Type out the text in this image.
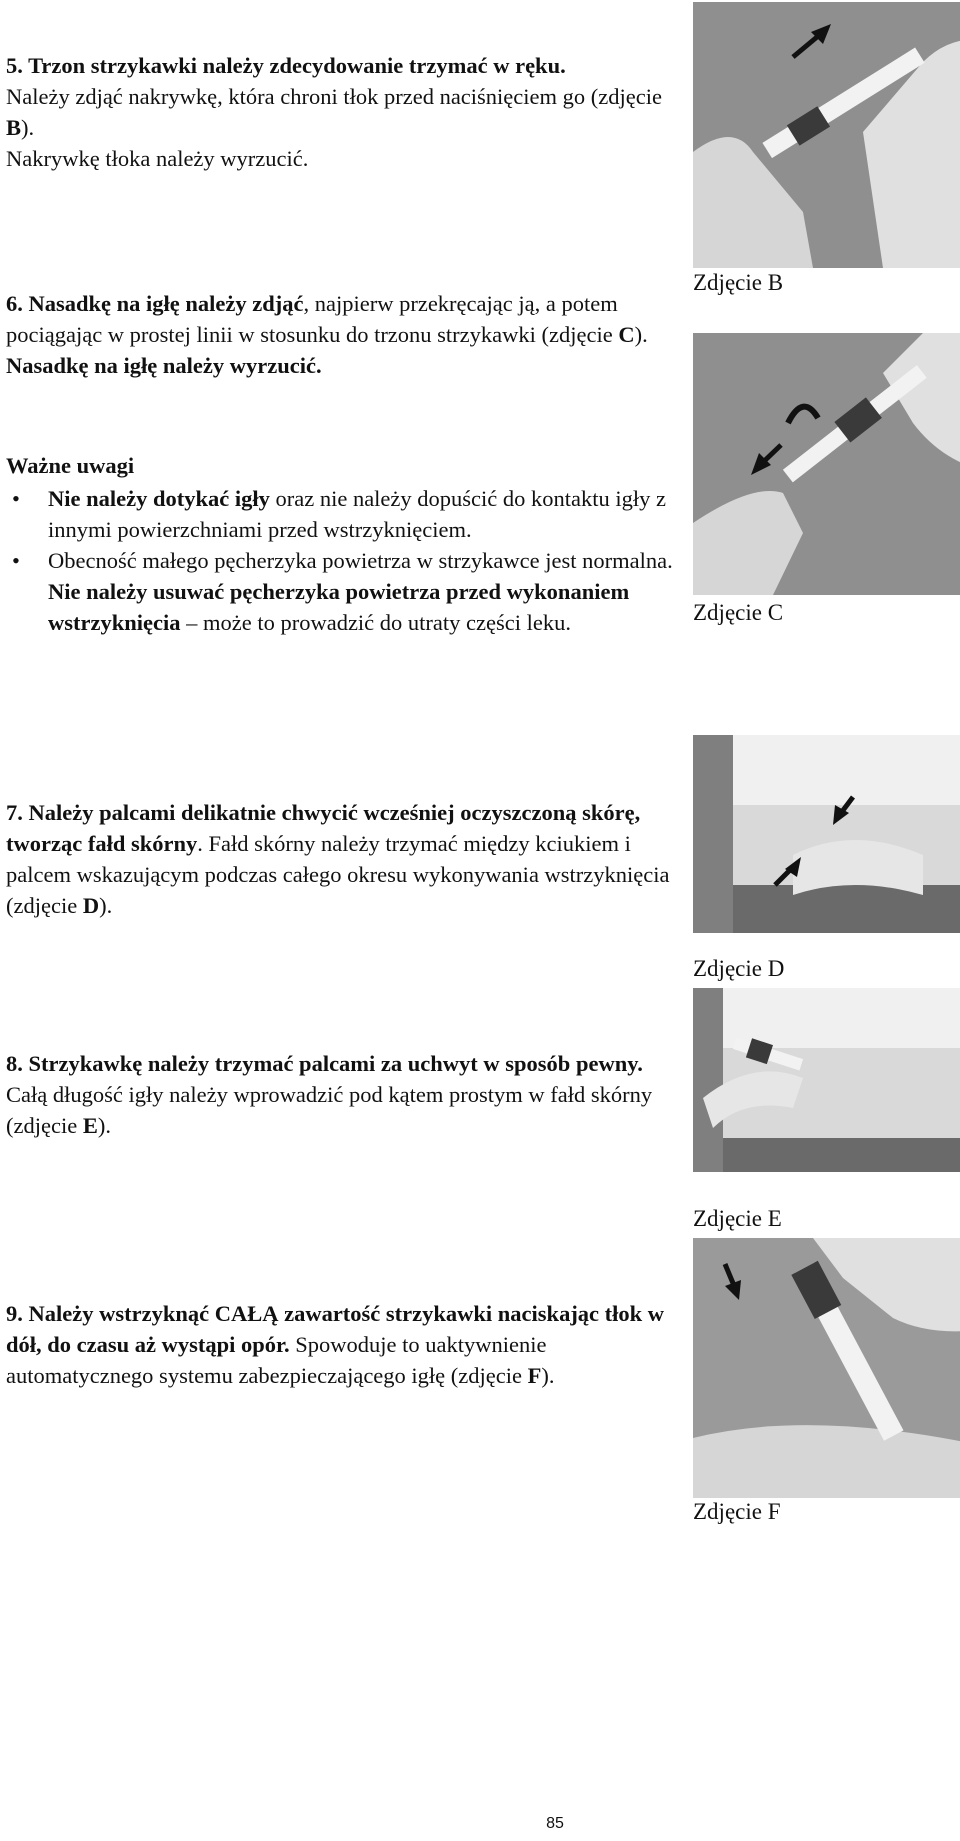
5. Trzon strzykawki należy zdecydowanie trzymać w ręku.

Należy zdjąć nakrywkę, która chroni tłok przed naciśnięciem go (zdjęcie B).

Nakrywkę tłoka należy wyrzucić.

6. Nasadkę na igłę należy zdjąć, najpierw przekręcając ją, a potem pociągając w prostej linii w stosunku do trzonu strzykawki (zdjęcie C).

Nasadkę na igłę należy wyrzucić.

Ważne uwagi

• Nie należy dotykać igły oraz nie należy dopuścić do kontaktu igły z innymi powierzchniami przed wstrzyknięciem.
• Obecność małego pęcherzyka powietrza w strzykawce jest normalna. Nie należy usuwać pęcherzyka powietrza przed wykonaniem wstrzyknięcia – może to prowadzić do utraty części leku.

7. Należy palcami delikatnie chwycić wcześniej oczyszczoną skórę, tworząc fałd skórny. Fałd skórny należy trzymać między kciukiem i palcem wskazującym podczas całego okresu wykonywania wstrzyknięcia (zdjęcie D).

8. Strzykawkę należy trzymać palcami za uchwyt w sposób pewny.

Całą długość igły należy wprowadzić pod kątem prostym w fałd skórny (zdjęcie E).

9. Należy wstrzyknąć CAŁĄ zawartość strzykawki naciskając tłok w dół, do czasu aż wystąpi opór. Spowoduje to uaktywnienie automatycznego systemu zabezpieczającego igłę (zdjęcie F).

Zdjęcie B
Zdjęcie C
Zdjęcie D
Zdjęcie E
Zdjęcie F
85
